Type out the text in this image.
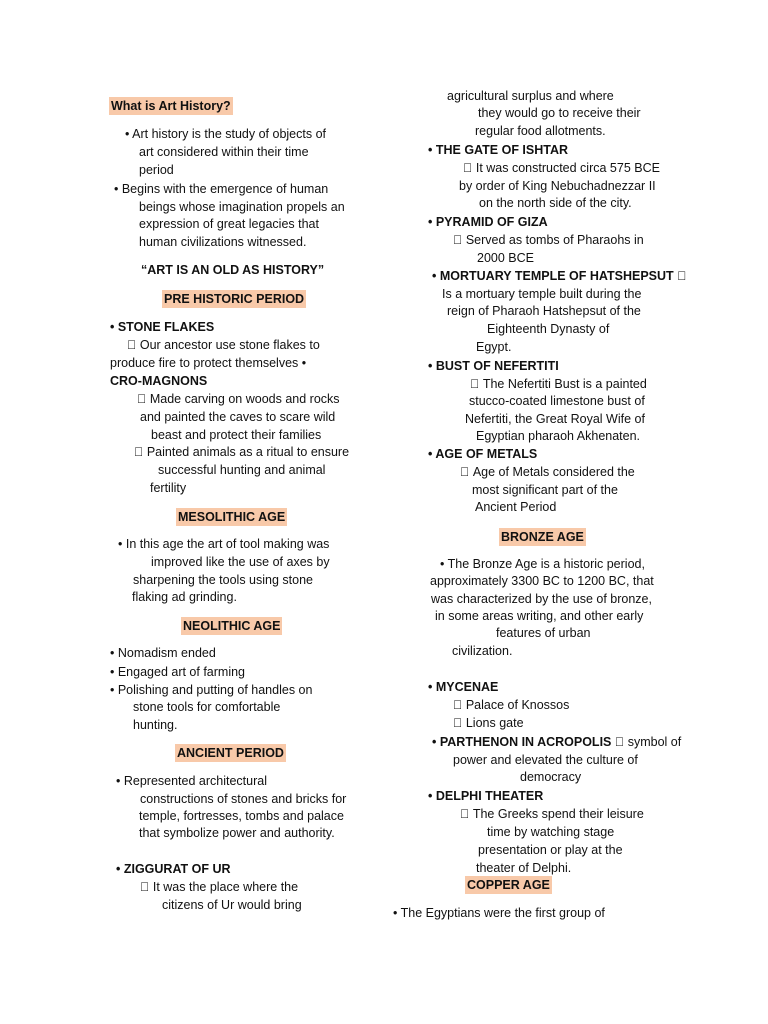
What is Art History?
• Art history is the study of objects of
art considered within their time
period
• Begins with the emergence of human
beings whose imagination propels an
expression of great legacies that
human civilizations witnessed.
“ART IS AN OLD AS HISTORY”
PRE HISTORIC PERIOD
• STONE FLAKES
Our ancestor use stone flakes to
produce fire to protect themselves •
CRO-MAGNONS
Made carving on woods and rocks
and painted the caves to scare wild
beast and protect their families
Painted animals as a ritual to ensure
successful hunting and animal
fertility
MESOLITHIC AGE
• In this age the art of tool making was
improved like the use of axes by
sharpening the tools using stone
flaking ad grinding.
NEOLITHIC AGE
• Nomadism ended
• Engaged art of farming
• Polishing and putting of handles on
stone tools for comfortable
hunting.
ANCIENT PERIOD
• Represented architectural
constructions of stones and bricks for
temple, fortresses, tombs and palace
that symbolize power and authority.
• ZIGGURAT OF UR
It was the place where the
citizens of Ur would bring
agricultural surplus and where
they would go to receive their
regular food allotments.
• THE GATE OF ISHTAR
It was constructed circa 575 BCE
by order of King Nebuchadnezzar II
on the north side of the city.
• PYRAMID OF GIZA
Served as tombs of Pharaohs in
2000 BCE
• MORTUARY TEMPLE OF HATSHEPSUT
Is a mortuary temple built during the
reign of Pharaoh Hatshepsut of the
Eighteenth Dynasty of
Egypt.
• BUST OF NEFERTITI
The Nefertiti Bust is a painted
stucco-coated limestone bust of
Nefertiti, the Great Royal Wife of
Egyptian pharaoh Akhenaten.
• AGE OF METALS
Age of Metals considered the
most significant part of the
Ancient Period
BRONZE AGE
• The Bronze Age is a historic period,
approximately 3300 BC to 1200 BC, that
was characterized by the use of bronze,
in some areas writing, and other early
features of urban
civilization.
• MYCENAE
Palace of Knossos
Lions gate
• PARTHENON IN ACROPOLIS symbol of
power and elevated the culture of
democracy
• DELPHI THEATER
The Greeks spend their leisure
time by watching stage
presentation or play at the
theater of Delphi.
COPPER AGE
• The Egyptians were the first group of
